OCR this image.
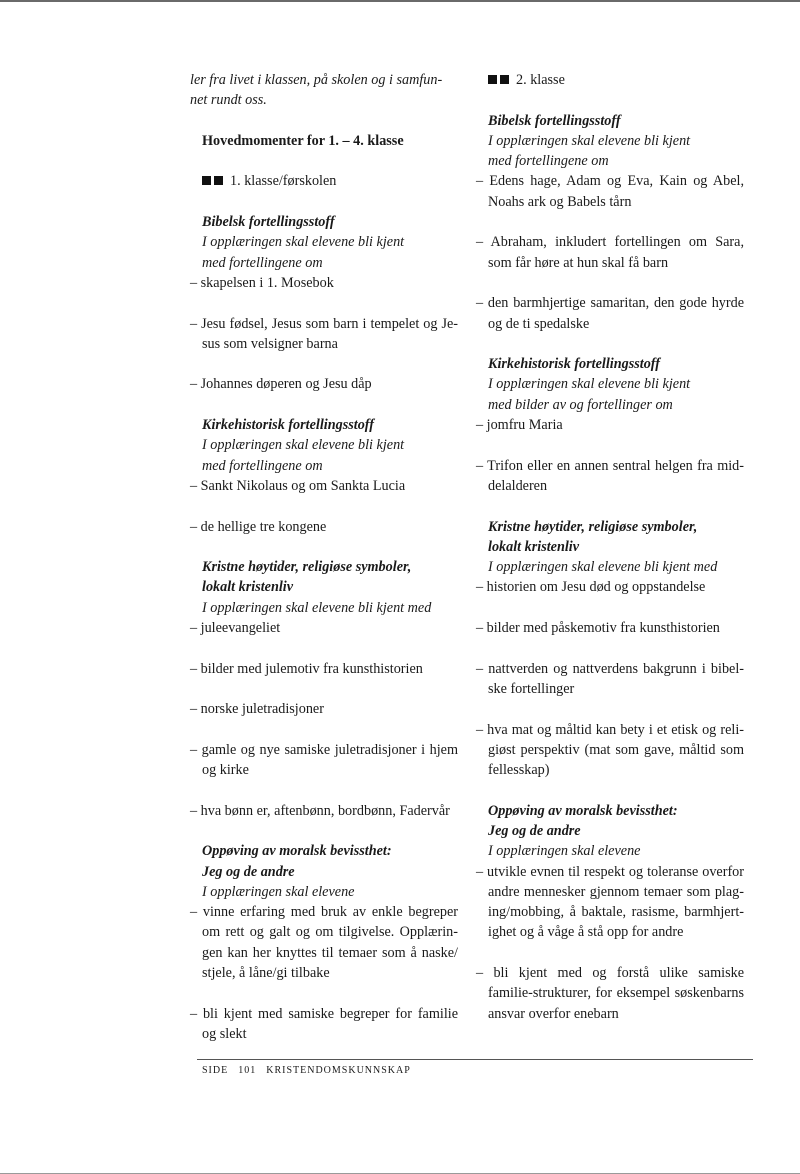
ler fra livet i klassen, på skolen og i samfun-
net rundt oss.
Hovedmomenter for 1. – 4. klasse
1. klasse/førskolen
Bibelsk fortellingsstoff
I opplæringen skal elevene bli kjent
med fortellingene om
– skapelsen i 1. Mosebok
– Jesu fødsel, Jesus som barn i tempelet og Je-sus som velsigner barna
– Johannes døperen og Jesu dåp
Kirkehistorisk fortellingsstoff
I opplæringen skal elevene bli kjent
med fortellingene om
– Sankt Nikolaus og om Sankta Lucia
– de hellige tre kongene
Kristne høytider, religiøse symboler,
lokalt kristenliv
I opplæringen skal elevene bli kjent med
– juleevangeliet
– bilder med julemotiv fra kunsthistorien
– norske juletradisjoner
– gamle og nye samiske juletradisjoner i hjem og kirke
– hva bønn er, aftenbønn, bordbønn, Fadervår
Oppøving av moralsk bevissthet:
Jeg og de andre
I opplæringen skal elevene
– vinne erfaring med bruk av enkle begreper om rett og galt og om tilgivelse. Opplærin-gen kan her knyttes til temaer som å naske/ stjele, å låne/gi tilbake
– bli kjent med samiske begreper for familie og slekt
2. klasse
Bibelsk fortellingsstoff
I opplæringen skal elevene bli kjent
med fortellingene om
– Edens hage, Adam og Eva, Kain og Abel, Noahs ark og Babels tårn
– Abraham, inkludert fortellingen om Sara, som får høre at hun skal få barn
– den barmhjertige samaritan, den gode hyrde og de ti spedalske
Kirkehistorisk fortellingsstoff
I opplæringen skal elevene bli kjent
med bilder av og fortellinger om
– jomfru Maria
– Trifon eller en annen sentral helgen fra mid-delalderen
Kristne høytider, religiøse symboler,
lokalt kristenliv
I opplæringen skal elevene bli kjent med
– historien om Jesu død og oppstandelse
– bilder med påskemotiv fra kunsthistorien
– nattverden og nattverdens bakgrunn i bibel-ske fortellinger
– hva mat og måltid kan bety i et etisk og reli-giøst perspektiv (mat som gave, måltid som fellesskap)
Oppøving av moralsk bevissthet:
Jeg og de andre
I opplæringen skal elevene
– utvikle evnen til respekt og toleranse overfor andre mennesker gjennom temaer som plag-ing/mobbing, å baktale, rasisme, barmhjert-ighet og å våge å stå opp for andre
– bli kjent med og forstå ulike samiske familie-strukturer, for eksempel søskenbarns ansvar overfor enebarn
SIDE 101 KRISTENDOMSKUNNSKAP
